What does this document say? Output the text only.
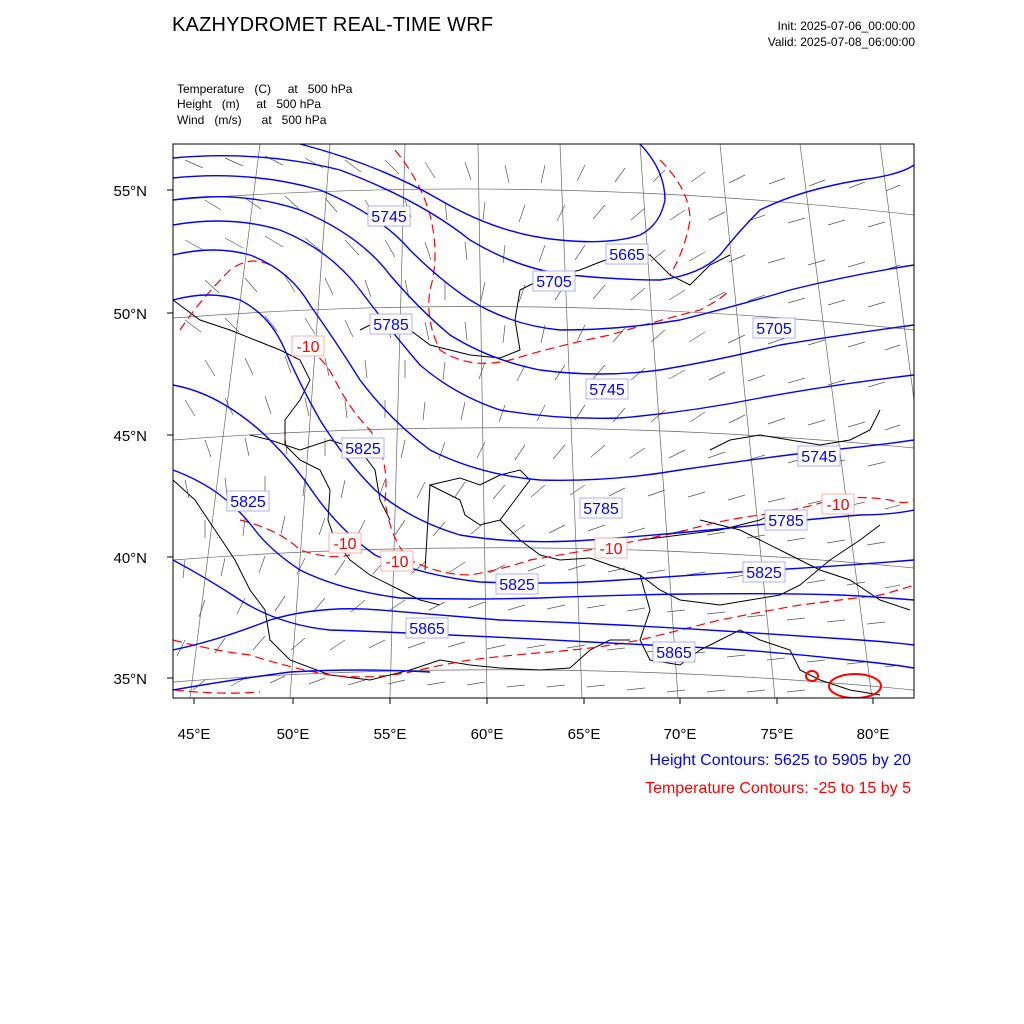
KAZHYDROMET REAL-TIME WRF	Init: 2025-07-06_00:00:00
Valid: 2025-07-08_06:00:00
Temperature   (C)     at   500 hPa
Height   (m)     at   500 hPa
Wind   (m/s)      at   500 hPa
5745
5665
5705
5785	5705
5745
5825	5745
5825	5785
5785
5825
5825
5865
5865
-10
-10
-10	-10
-10
55°N
50°N
45°N
40°N
35°N
45°E	50°E	55°E	60°E	65°E	70°E	75°E	80°E
Height Contours: 5625 to 5905 by 20
Temperature Contours: -25 to 15 by 5
